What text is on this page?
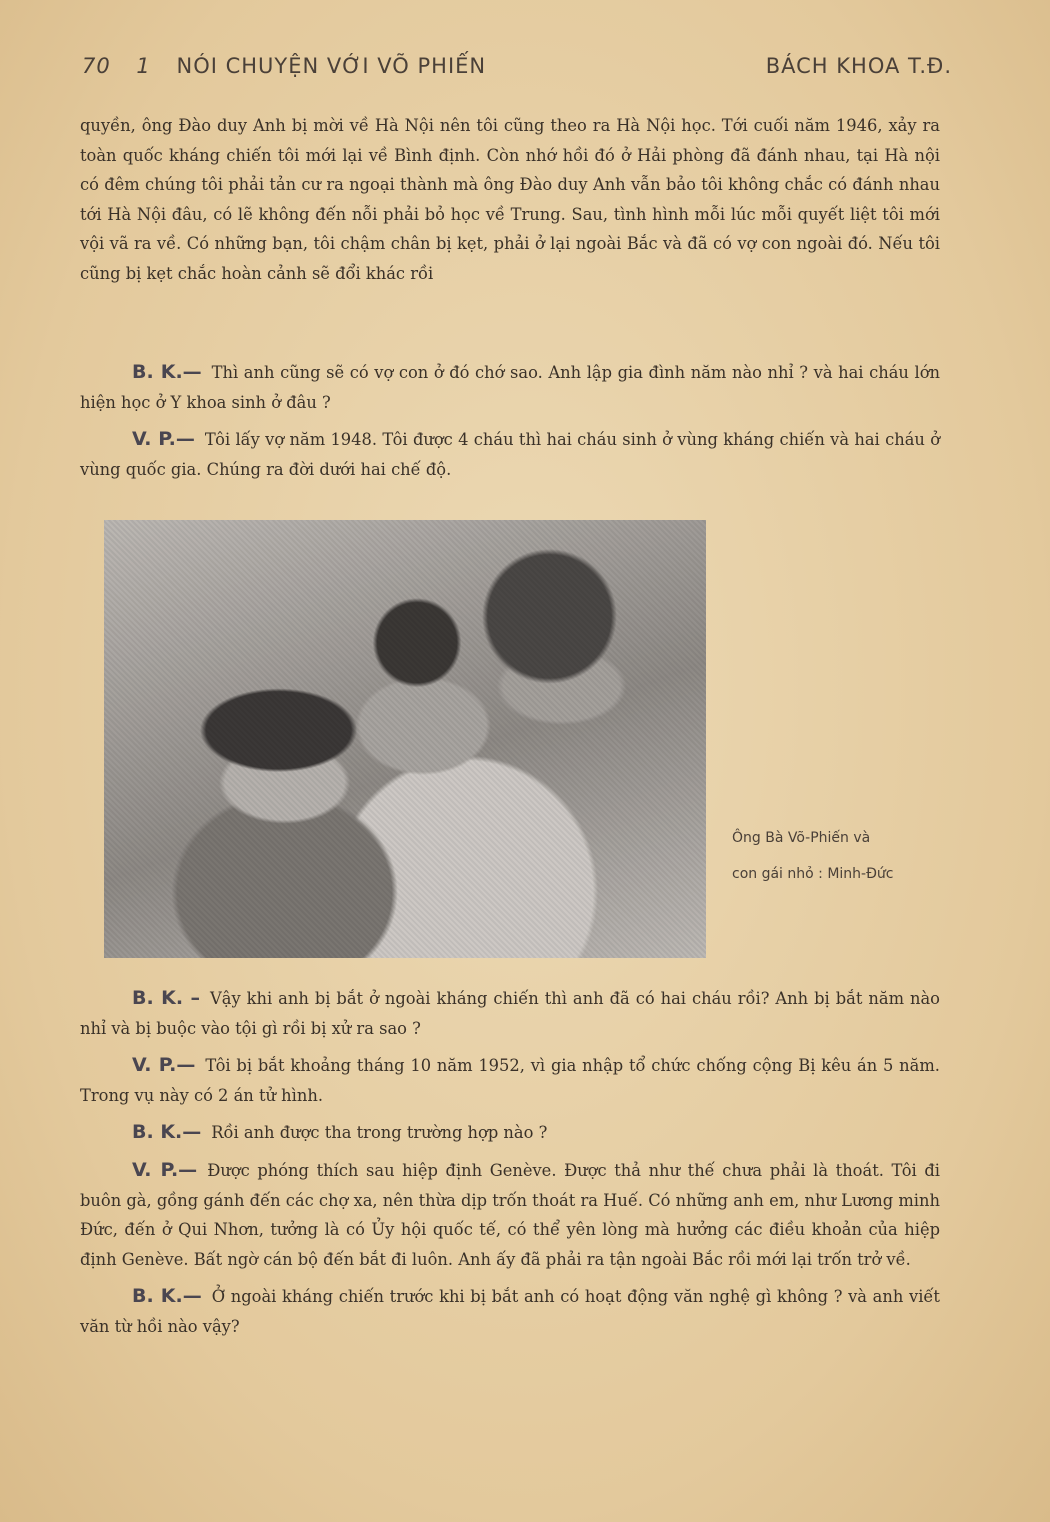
70 1 NÓI CHUYỆN VỚI VÕ PHIẾN	BÁCH KHOA T.Đ.

quyền, ông Đào duy Anh bị mời về Hà Nội nên tôi cũng theo ra Hà Nội học. Tới cuối năm 1946, xảy ra toàn quốc kháng chiến tôi mới lại về Bình định. Còn nhớ hồi đó ở Hải phòng đã đánh nhau, tại Hà nội có đêm chúng tôi phải tản cư ra ngoại thành mà ông Đào duy Anh vẫn bảo tôi không chắc có đánh nhau tới Hà Nội đâu, có lẽ không đến nỗi phải bỏ học về Trung. Sau, tình hình mỗi lúc mỗi quyết liệt tôi mới vội vã ra về. Có những bạn, tôi chậm chân bị kẹt, phải ở lại ngoài Bắc và đã có vợ con ngoài đó. Nếu tôi cũng bị kẹt chắc hoàn cảnh sẽ đổi khác rồi

B. K.— Thì anh cũng sẽ có vợ con ở đó chớ sao. Anh lập gia đình năm nào nhỉ ? và hai cháu lớn hiện học ở Y khoa sinh ở đâu ?

V. P.— Tôi lấy vợ năm 1948. Tôi được 4 cháu thì hai cháu sinh ở vùng kháng chiến và hai cháu ở vùng quốc gia. Chúng ra đời dưới hai chế độ.

Ông Bà Võ-Phiến và
con gái nhỏ : Minh-Đức

B. K. – Vậy khi anh bị bắt ở ngoài kháng chiến thì anh đã có hai cháu rồi? Anh bị bắt năm nào nhỉ và bị buộc vào tội gì rồi bị xử ra sao ?

V. P.— Tôi bị bắt khoảng tháng 10 năm 1952, vì gia nhập tổ chức chống cộng Bị kêu án 5 năm. Trong vụ này có 2 án tử hình.

B. K.— Rồi anh được tha trong trường hợp nào ?

V. P.— Được phóng thích sau hiệp định Genève. Được thả như thế chưa phải là thoát. Tôi đi buôn gà, gồng gánh đến các chợ xa, nên thừa dịp trốn thoát ra Huế. Có những anh em, như Lương minh Đức, đến ở Qui Nhơn, tưởng là có Ủy hội quốc tế, có thể yên lòng mà hưởng các điều khoản của hiệp định Genève. Bất ngờ cán bộ đến bắt đi luôn. Anh ấy đã phải ra tận ngoài Bắc rồi mới lại trốn trở về.

B. K.— Ở ngoài kháng chiến trước khi bị bắt anh có hoạt động văn nghệ gì không ? và anh viết văn từ hồi nào vậy?
